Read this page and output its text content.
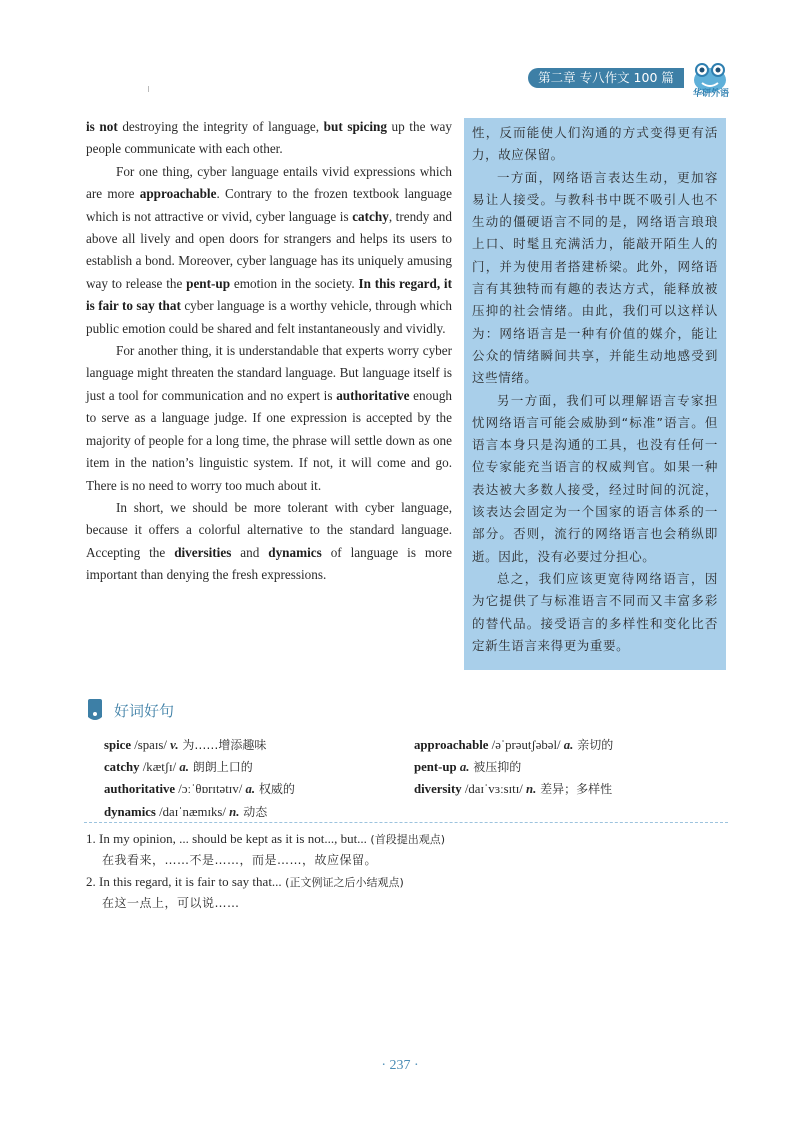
第二章 专八作文 100 篇
华研外语

is not destroying the integrity of language, but spicing up the way people communicate with each other.

For one thing, cyber language entails vivid expressions which are more approachable. Contrary to the frozen textbook language which is not attractive or vivid, cyber language is catchy, trendy and above all lively and open doors for strangers and helps its users to establish a bond. Moreover, cyber language has its uniquely amusing way to release the pent-up emotion in the society. In this regard, it is fair to say that cyber language is a worthy vehicle, through which public emotion could be shared and felt instantaneously and vividly.

For another thing, it is understandable that experts worry cyber language might threaten the standard language. But language itself is just a tool for communication and no expert is authoritative enough to serve as a language judge. If one expression is accepted by the majority of people for a long time, the phrase will settle down as one item in the nation’s linguistic system. If not, it will come and go. There is no need to worry too much about it.

In short, we should be more tolerant with cyber language, because it offers a colorful alternative to the standard language. Accepting the diversities and dynamics of language is more important than denying the fresh expressions.

性，反而能使人们沟通的方式变得更有活力，故应保留。

一方面，网络语言表达生动，更加容易让人接受。与教科书中既不吸引人也不生动的僵硬语言不同的是，网络语言琅琅上口、时髦且充满活力，能敲开陌生人的门，并为使用者搭建桥梁。此外，网络语言有其独特而有趣的表达方式，能释放被压抑的社会情绪。由此，我们可以这样认为：网络语言是一种有价值的媒介，能让公众的情绪瞬间共享，并能生动地感受到这些情绪。

另一方面，我们可以理解语言专家担忧网络语言可能会威胁到“标准”语言。但语言本身只是沟通的工具，也没有任何一位专家能充当语言的权威判官。如果一种表达被大多数人接受，经过时间的沉淀，该表达会固定为一个国家的语言体系的一部分。否则，流行的网络语言也会稍纵即逝。因此，没有必要过分担心。

总之，我们应该更宽待网络语言，因为它提供了与标准语言不同而又丰富多彩的替代品。接受语言的多样性和变化比否定新生语言来得更为重要。

好词好句
spice /spaɪs/ v. 为……增添趣味	approachable /əˈprəutʃəbəl/ a. 亲切的
catchy /kætʃɪ/ a. 朗朗上口的	pent-up a. 被压抑的
authoritative /ɔːˈθɒrɪtətɪv/ a. 权威的	diversity /daɪˈvɜːsɪtɪ/ n. 差异；多样性
dynamics /daɪˈnæmɪks/ n. 动态
1. In my opinion, ... should be kept as it is not..., but... (首段提出观点)
在我看来，……不是……，而是……，故应保留。
2. In this regard, it is fair to say that... (正文例证之后小结观点)
在这一点上，可以说……
· 237 ·
